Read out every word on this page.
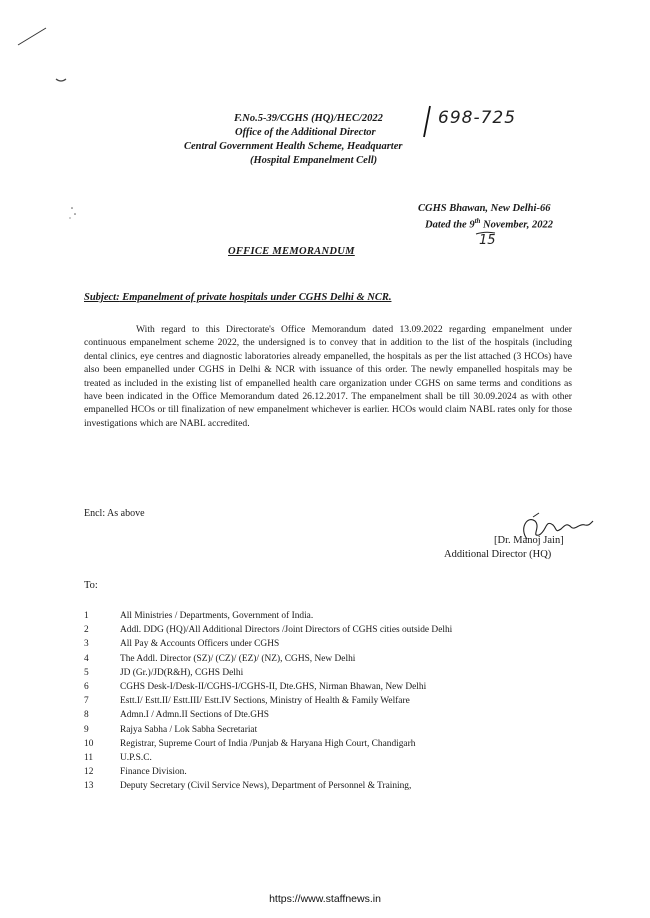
F.No.5-39/CGHS (HQ)/HEC/2022
Office of the Additional Director
Central Government Health Scheme, Headquarter
(Hospital Empanelment Cell)
698-725
CGHS Bhawan, New Delhi-66
Dated the 9th November, 2022
15
OFFICE MEMORANDUM
Subject: Empanelment of private hospitals under CGHS Delhi & NCR.
With regard to this Directorate's Office Memorandum dated 13.09.2022 regarding empanelment under continuous empanelment scheme 2022, the undersigned is to convey that in addition to the list of the hospitals (including dental clinics, eye centres and diagnostic laboratories already empanelled, the hospitals as per the list attached (3 HCOs) have also been empanelled under CGHS in Delhi & NCR with issuance of this order. The newly empanelled hospitals may be treated as included in the existing list of empanelled health care organization under CGHS on same terms and conditions as have been indicated in the Office Memorandum dated 26.12.2017. The empanelment shall be till 30.09.2024 as with other empanelled HCOs or till finalization of new empanelment whichever is earlier. HCOs would claim NABL rates only for those investigations which are NABL accredited.
Encl: As above
[Dr. Manoj Jain]
Additional Director (HQ)
To:
1	All Ministries / Departments, Government of India.
2	Addl. DDG (HQ)/All Additional Directors /Joint Directors of CGHS cities outside Delhi
3	All Pay & Accounts Officers under CGHS
4	The Addl. Director (SZ)/ (CZ)/ (EZ)/ (NZ), CGHS, New Delhi
5	JD (Gr.)/JD(R&H), CGHS Delhi
6	CGHS Desk-I/Desk-II/CGHS-I/CGHS-II, Dte.GHS, Nirman Bhawan, New Delhi
7	Estt.I/ Estt.II/ Estt.III/ Estt.IV Sections, Ministry of Health & Family Welfare
8	Admn.I / Admn.II Sections of Dte.GHS
9	Rajya Sabha / Lok Sabha Secretariat
10	Registrar, Supreme Court of India /Punjab & Haryana High Court, Chandigarh
11	U.P.S.C.
12	Finance Division.
13	Deputy Secretary (Civil Service News), Department of Personnel & Training,
https://www.staffnews.in
